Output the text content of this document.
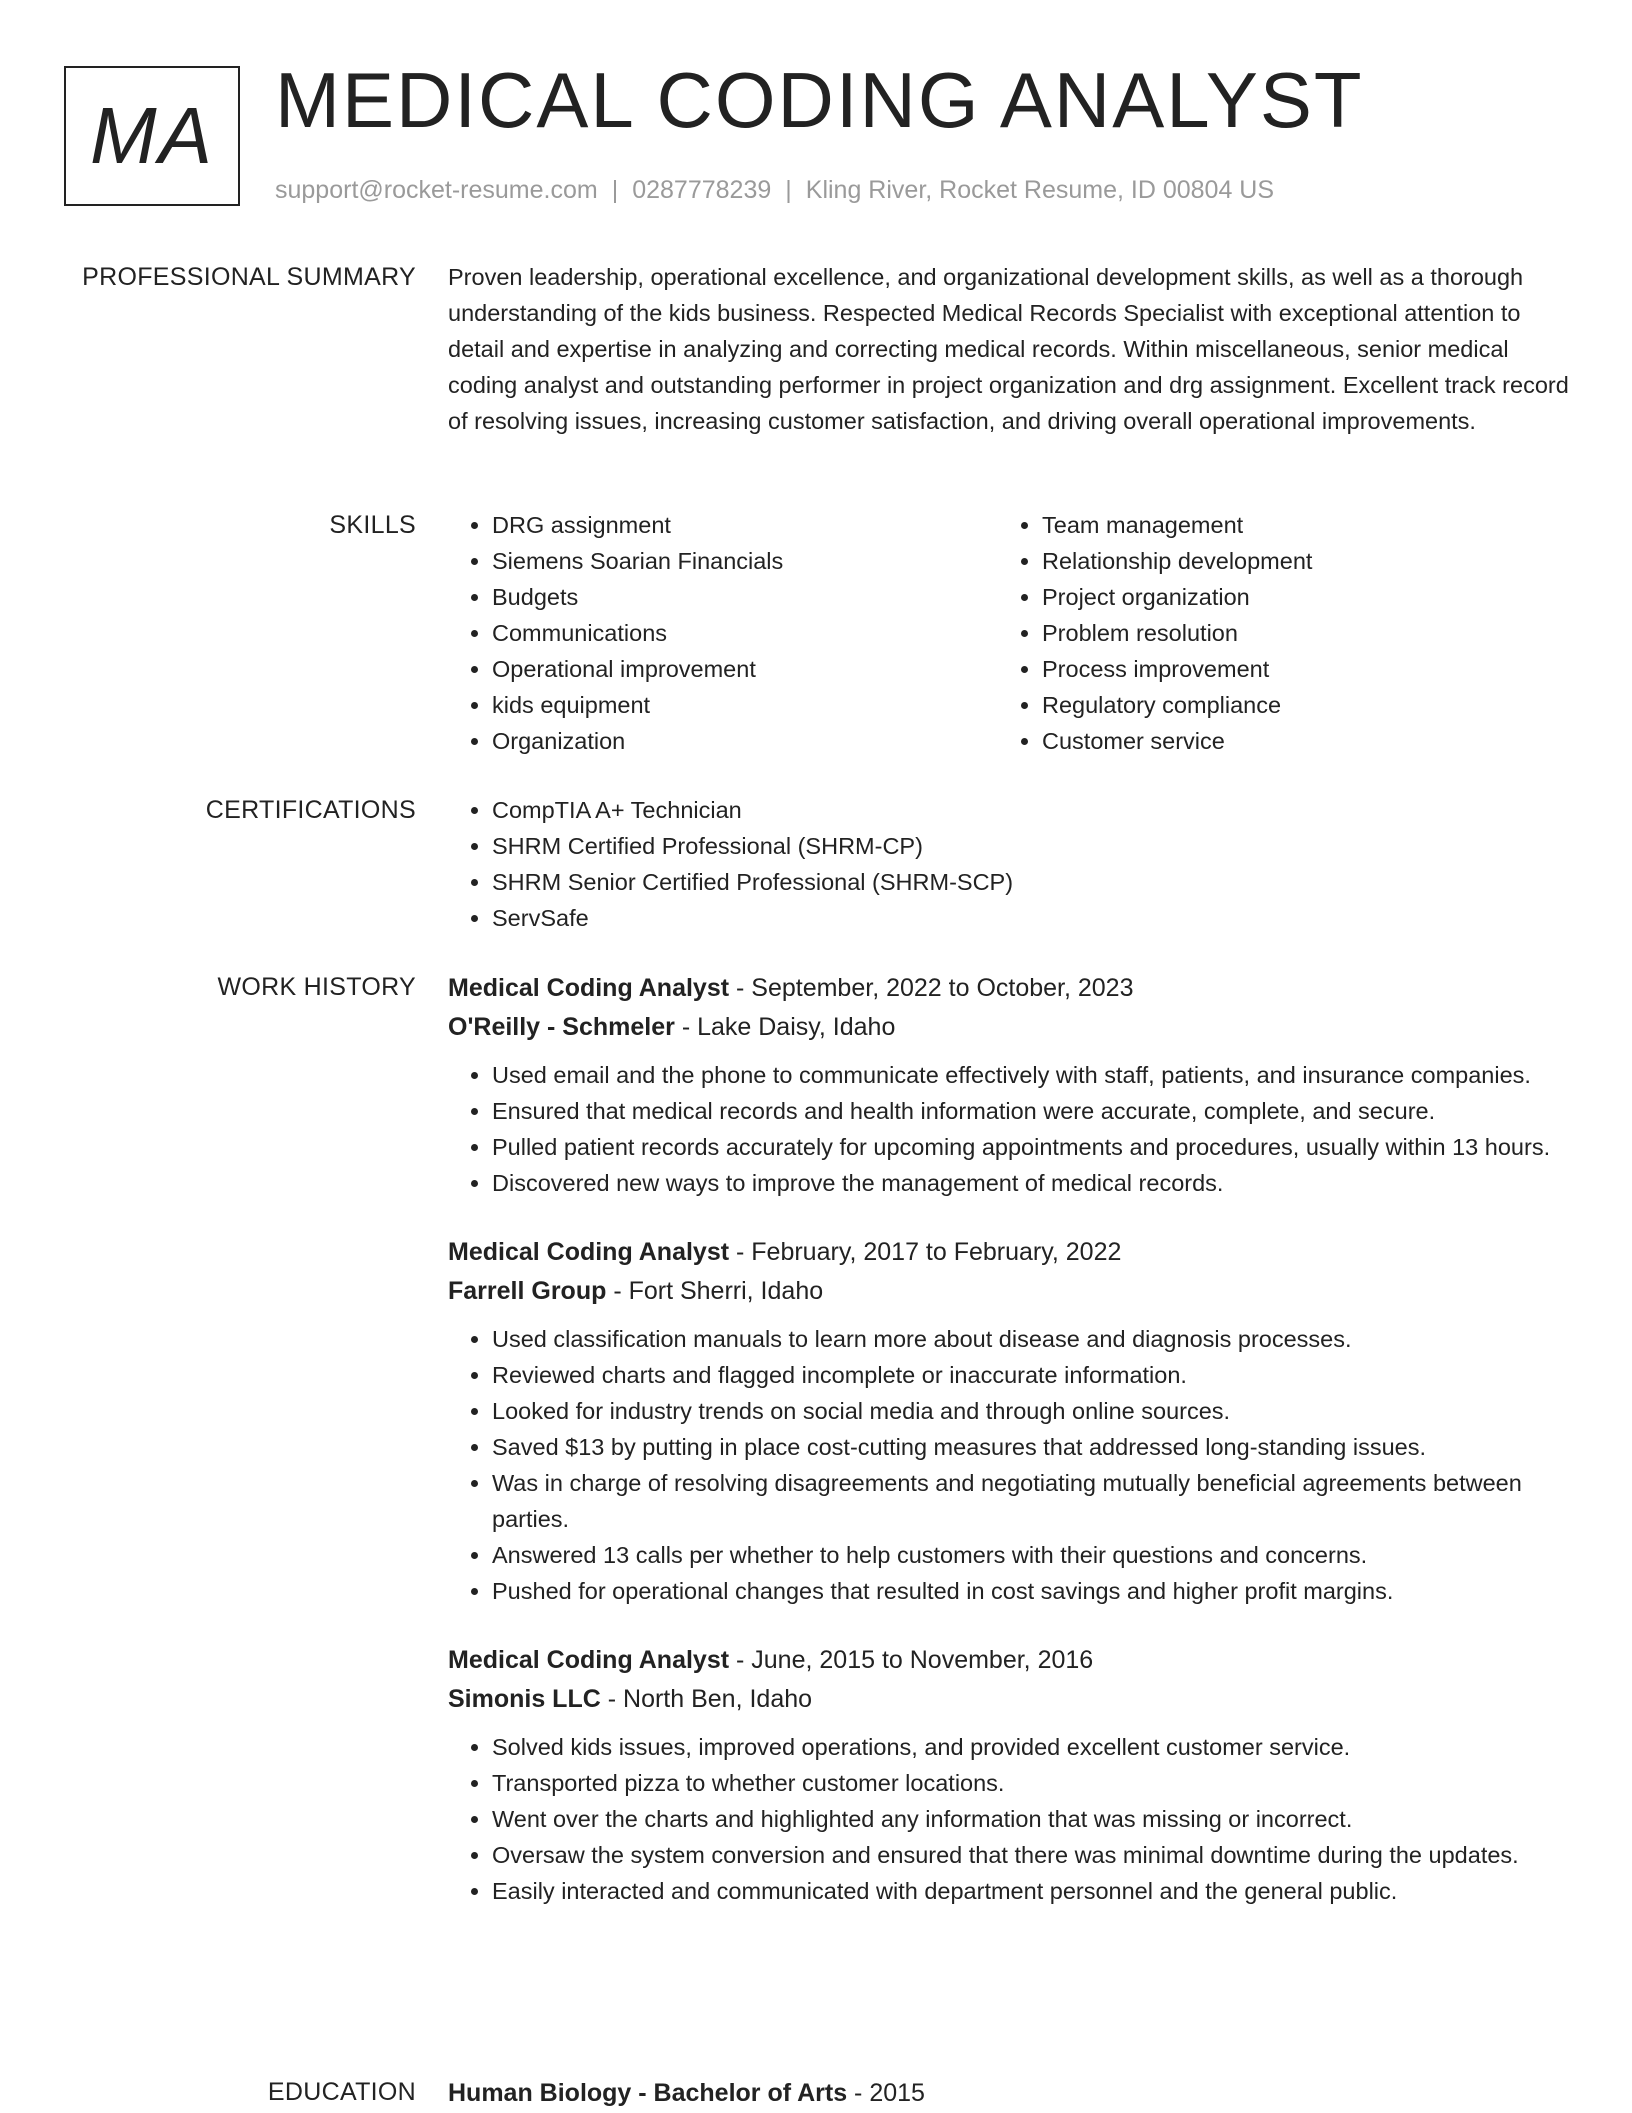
MA MEDICAL CODING ANALYST
support@rocket-resume.com | 0287778239 | Kling River, Rocket Resume, ID 00804 US
PROFESSIONAL SUMMARY Proven leadership, operational excellence, and organizational development skills, as well as a thorough understanding of the kids business. Respected Medical Records Specialist with exceptional attention to detail and expertise in analyzing and correcting medical records. Within miscellaneous, senior medical coding analyst and outstanding performer in project organization and drg assignment. Excellent track record of resolving issues, increasing customer satisfaction, and driving overall operational improvements.

SKILLS	• DRG assignment
• Siemens Soarian Financials
• Budgets
• Communications
• Operational improvement
• kids equipment
• Organization
• Team management
• Relationship development
• Project organization
• Problem resolution
• Process improvement
• Regulatory compliance
• Customer service
CERTIFICATIONS	• CompTIA A+ Technician
• SHRM Certified Professional (SHRM-CP)
• SHRM Senior Certified Professional (SHRM-SCP)
• ServSafe
WORK HISTORY Medical Coding Analyst - September, 2022 to October, 2023
O'Reilly - Schmeler - Lake Daisy, Idaho
• Used email and the phone to communicate effectively with staff, patients, and insurance companies.
• Ensured that medical records and health information were accurate, complete, and secure.
• Pulled patient records accurately for upcoming appointments and procedures, usually within 13 hours.
• Discovered new ways to improve the management of medical records.
Medical Coding Analyst - February, 2017 to February, 2022
Farrell Group - Fort Sherri, Idaho
• Used classification manuals to learn more about disease and diagnosis processes.
• Reviewed charts and flagged incomplete or inaccurate information.
• Looked for industry trends on social media and through online sources.
• Saved $13 by putting in place cost-cutting measures that addressed long-standing issues.
• Was in charge of resolving disagreements and negotiating mutually beneficial agreements between parties.
• Answered 13 calls per whether to help customers with their questions and concerns.
• Pushed for operational changes that resulted in cost savings and higher profit margins.
Medical Coding Analyst - June, 2015 to November, 2016
Simonis LLC - North Ben, Idaho
• Solved kids issues, improved operations, and provided excellent customer service.
• Transported pizza to whether customer locations.
• Went over the charts and highlighted any information that was missing or incorrect.
• Oversaw the system conversion and ensured that there was minimal downtime during the updates.
• Easily interacted and communicated with department personnel and the general public.
EDUCATION Human Biology - Bachelor of Arts - 2015
